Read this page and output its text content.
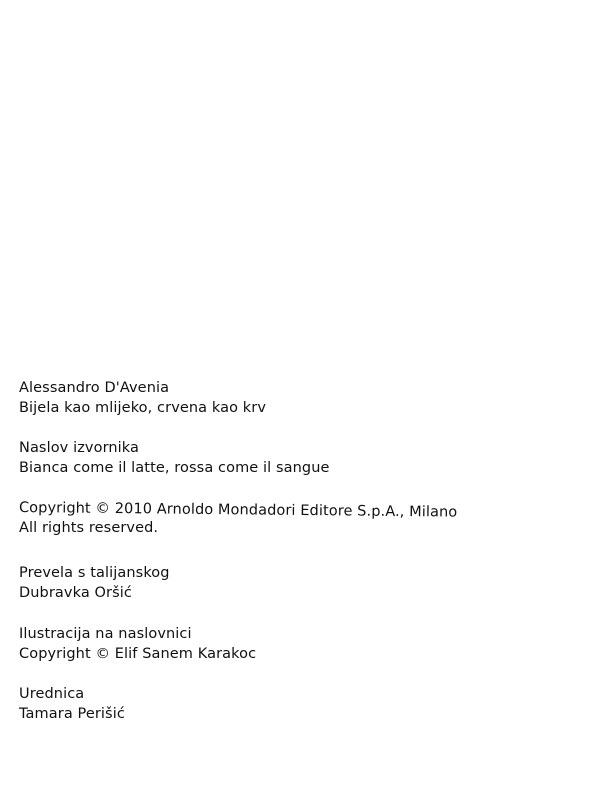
Alessandro D'Avenia
Bijela kao mlijeko, crvena kao krv
Naslov izvornika
Bianca come il latte, rossa come il sangue
Copyright © 2010 Arnoldo Mondadori Editore S.p.A., Milano
All rights reserved.
Prevela s talijanskog
Dubravka Oršić
Ilustracija na naslovnici
Copyright © Elif Sanem Karakoc
Urednica
Tamara Perišić
